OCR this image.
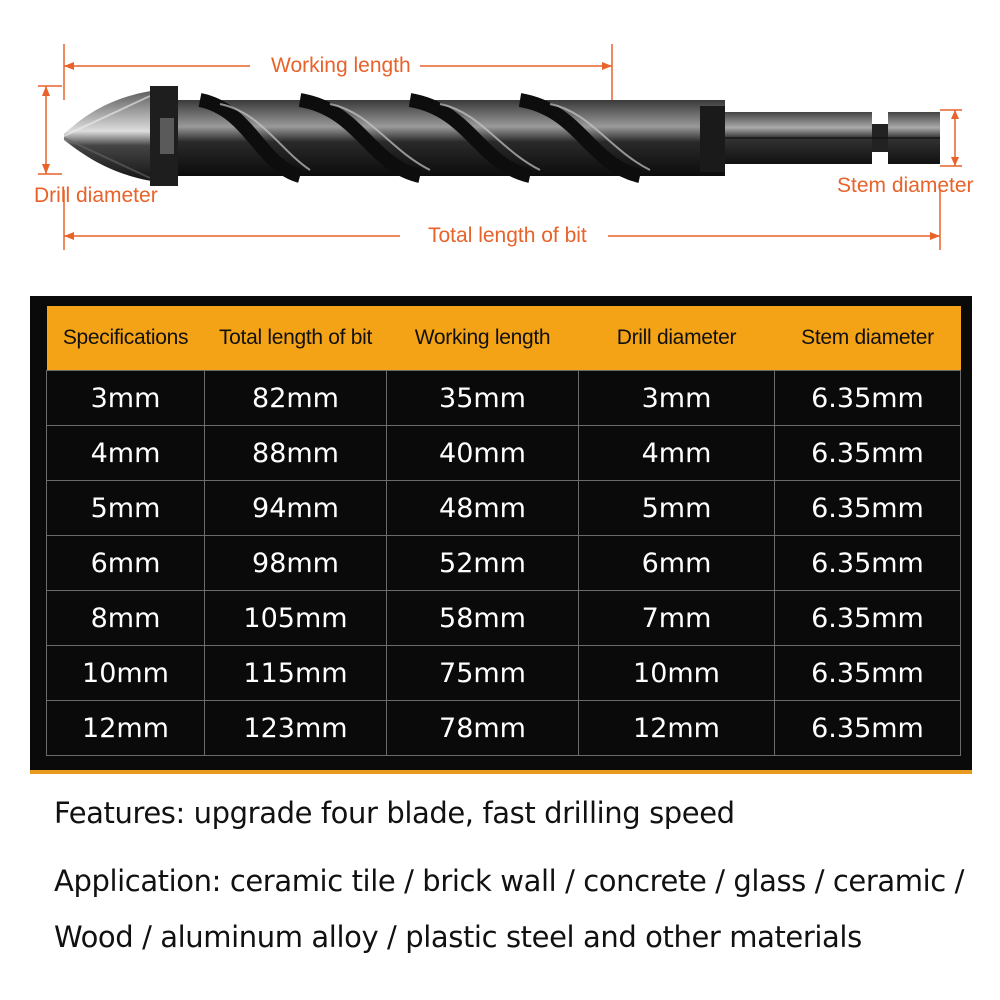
Working length
Drill diameter	Stem diameter
Total length of bit
Specifications	Total length of bit	Working length	Drill diameter	Stem diameter
3mm	82mm	35mm	3mm	6.35mm
4mm	88mm	40mm	4mm	6.35mm
5mm	94mm	48mm	5mm	6.35mm
6mm	98mm	52mm	6mm	6.35mm
8mm	105mm	58mm	7mm	6.35mm
10mm	115mm	75mm	10mm	6.35mm
12mm	123mm	78mm	12mm	6.35mm
Features: upgrade four blade, fast drilling speed
Application: ceramic tile / brick wall / concrete / glass / ceramic /
Wood / aluminum alloy / plastic steel and other materials
